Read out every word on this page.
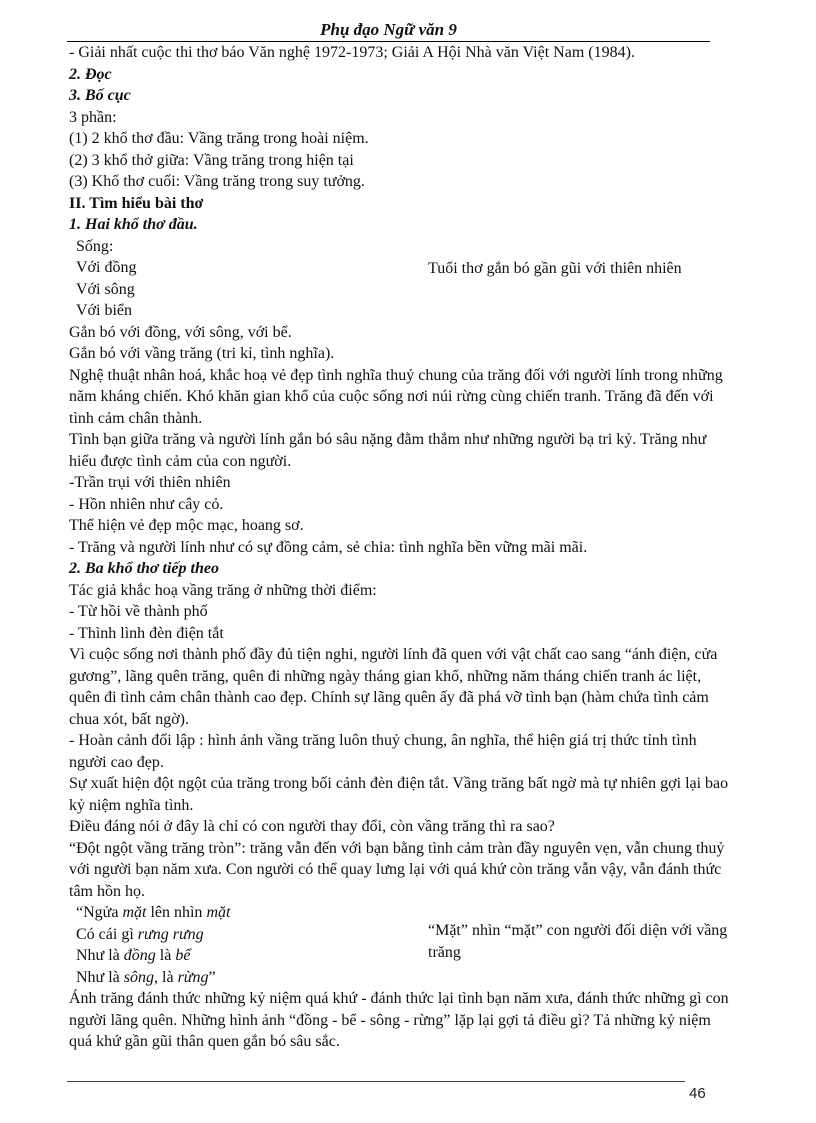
Phụ đạo Ngữ văn 9

- Giải nhất cuộc thi thơ báo Văn nghệ 1972-1973; Giải A Hội Nhà văn Việt Nam (1984).

2. Đọc

3. Bố cục

3 phần:

(1) 2 khổ thơ đầu: Vầng trăng trong hoài niệm.

(2) 3 khổ thở giữa: Vầng trăng trong hiện tại

(3) Khổ thơ cuối: Vầng trăng trong suy tưởng.

II. Tìm hiểu bài thơ

1. Hai khổ thơ đầu.

Sống:
Với đồng
Với sông
Với biển
Tuổi thơ gắn bó gần gũi với thiên nhiên

Gắn bó với đồng, với sông, với bể.

Gắn bó với vầng trăng (tri kỉ, tình nghĩa).

Nghệ thuật nhân hoá, khắc hoạ vẻ đẹp tình nghĩa thuỷ chung của trăng đối với người lính trong những năm kháng chiến. Khó khăn gian khổ của cuộc sống nơi núi rừng cùng chiến tranh. Trăng đã đến với tình cảm chân thành.

Tình bạn giữa trăng và người lính gắn bó sâu nặng đằm thắm như những người bạ tri kỷ. Trăng như hiểu được tình cảm của con người.

-Trần trụi với thiên nhiên

- Hồn nhiên như cây cỏ.

Thể hiện vẻ đẹp mộc mạc, hoang sơ.

- Trăng và người lính như có sự đồng cảm, sẻ chia: tình nghĩa bền vững mãi mãi.

2. Ba khổ thơ tiếp theo

Tác giả khắc hoạ vầng trăng ở những thời điểm:

- Từ hồi về thành phố

- Thình lình đèn điện tắt

Vì cuộc sống nơi thành phố đầy đủ tiện nghi, người lính đã quen với vật chất cao sang “ánh điện, cửa gương”, lãng quên trăng, quên đi những ngày tháng gian khổ, những năm tháng chiến tranh ác liệt, quên đi tình cảm chân thành cao đẹp. Chính sự lãng quên ấy đã phá vỡ tình bạn (hàm chứa tình cảm chua xót, bất ngờ).

- Hoàn cảnh đối lập : hình ảnh vầng trăng luôn thuỷ chung, ân nghĩa, thể hiện giá trị thức tỉnh tình người cao đẹp.

Sự xuất hiện đột ngột của trăng trong bối cảnh đèn điện tắt. Vầng trăng bất ngờ mà tự nhiên gợi lại bao kỷ niệm nghĩa tình.

Điều đáng nói ở đây là chỉ có con người thay đổi, còn vầng trăng thì ra sao?

“Đột ngột vầng trăng tròn”: trăng vẫn đến với bạn bằng tình cảm tràn đầy nguyên vẹn, vẫn chung thuỷ với người bạn năm xưa. Con người có thể quay lưng lại với quá khứ còn trăng vẫn vậy, vẫn đánh thức tâm hồn họ.

“Ngửa mặt lên nhìn mặt
Có cái gì rưng rưng
Như là đồng là bể
Như là sông, là rừng”
“Mặt” nhìn “mặt” con người đối diện với vầng trăng

Ánh trăng đánh thức những kỷ niệm quá khứ - đánh thức lại tình bạn năm xưa, đánh thức những gì con người lãng quên. Những hình ảnh “đồng - bể - sông - rừng” lặp lại gợi tả điều gì? Tả những kỷ niệm quá khứ gần gũi thân quen gắn bó sâu sắc.

46
